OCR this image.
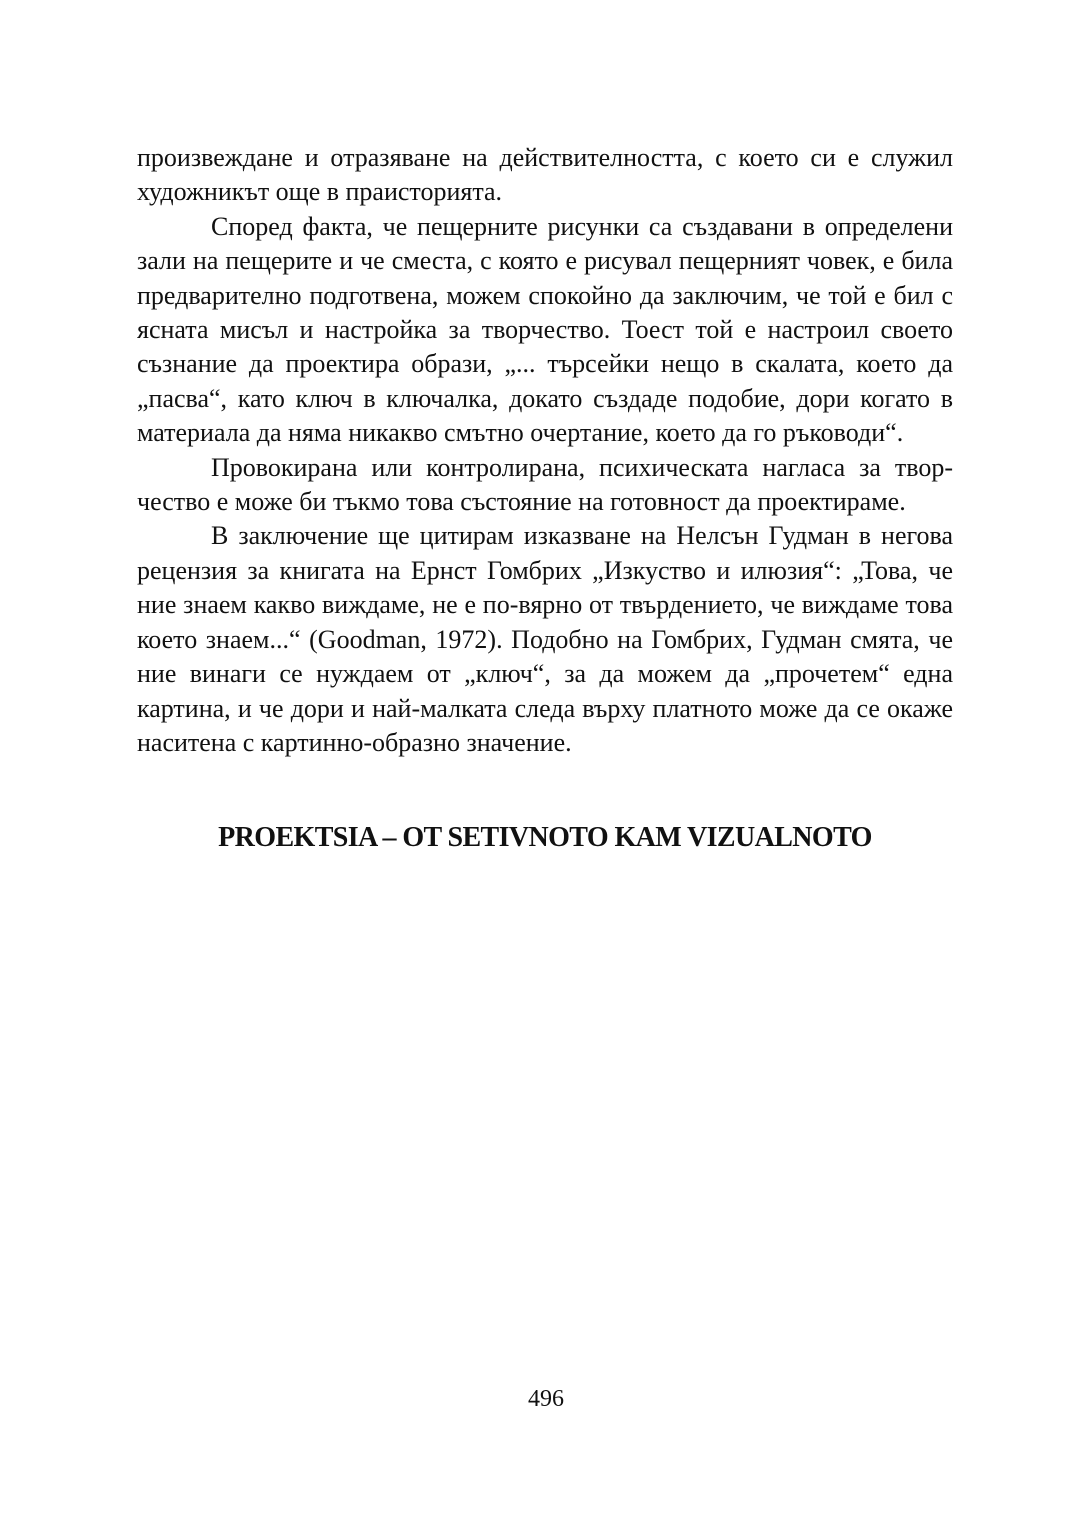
произвеждане и отразяване на действителността, с което си е служил художникът още в праисторията.

Според факта, че пещерните рисунки са създавани в определени зали на пещерите и че сместа, с която е рисувал пещерният човек, е била предварително подготвена, можем спокойно да заключим, че той е бил с ясната мисъл и настройка за творчество. Тоест той е настроил своето съзнание да проектира образи, „... търсейки нещо в скалата, което да „пасва“, като ключ в ключалка, докато създаде подобие, дори когато в материала да няма никакво смътно очертание, което да го ръководи“.

Провокирана или контролирана, психическата нагласа за творчество е може би тъкмо това състояние на готовност да проектираме.

В заключение ще цитирам изказване на Нелсън Гудман в негова рецензия за книгата на Ернст Гомбрих „Изкуство и илюзия“: „Това, че ние знаем какво виждаме, не е по-вярно от твърдението, че виждаме това което знаем...“ (Goodman, 1972). Подобно на Гомбрих, Гудман смята, че ние винаги се нуждаем от „ключ“, за да можем да „прочетем“ една картина, и че дори и най-малката следа върху платното може да се окаже наситена с картинно-образно значение.

PROEKTSIA – OT SETIVNOTO KAM VIZUALNOTO
496
